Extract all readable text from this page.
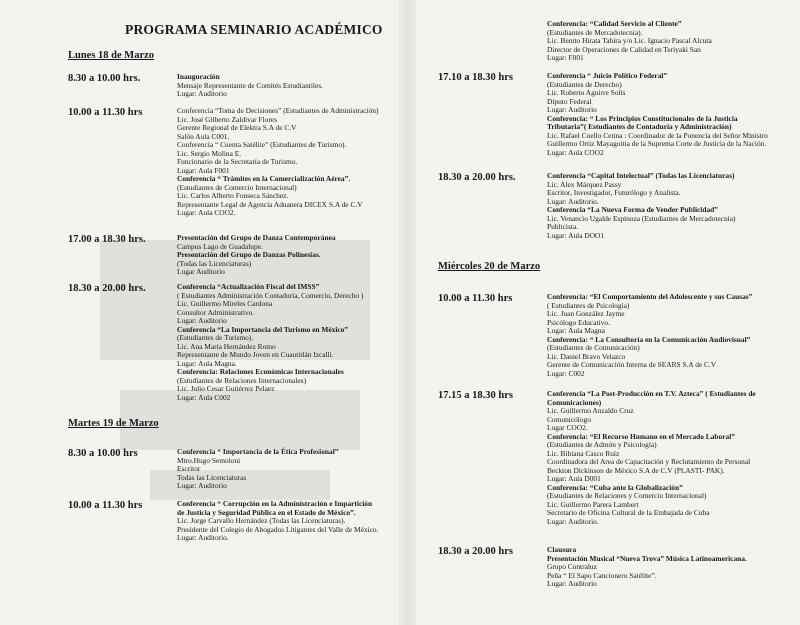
PROGRAMA SEMINARIO ACADÉMICO
Lunes 18 de Marzo
8.30 a 10.00 hrs.	Inauguración
Mensaje Representante de Comités Estudiantiles.
Lugar: Auditorio
10.00 a 11.30 hrs	Conferencia “Toma de Decisiones” (Estudiantes de Administración)
Lic. José Gilberto Zaldivar Flores
Gerente Regional de Elektra S.A de C.V
Salón Aula C001.
Conferencia “ Cuenta Satélite” (Estudiantes de Turismo).
Lic. Sergio Molina E.
Funcionario de la Secretaría de Turismo.
Lugar: Aula F001
Conferencia “ Trámites en la Comercialización Aérea”.
(Estudiantes de Comercio Internacional)
Lic. Carlos Alberto Fonseca Sánchez.
Representante Legal de Agencia Aduanera DICEX S.A de C.V
Lugar: Aula COO2.
17.00 a 18.30 hrs.	Presentación del Grupo de Danza Contemporánea
Campus Lago de Guadalupe.
Presentación del Grupo de Danzas Polinesias.
(Todas las Licenciaturas)
Lugar Auditorio
18.30 a 20.00 hrs.	Conferencia “Actualización Fiscal del IMSS”
( Estudiantes Administración Contaduría, Comercio, Derecho )
Lic. Guillermo Mireles Cardona
Consultor Administrativo.
Lugar: Auditorio
Conferencia “La Importancia del Turismo en México”
(Estudiantes de Turismo).
Lic. Ana María Hernández Romo
Representante de Mundo Joven en Cuautitlán Izcalli.
Lugar: Aula Magna.
Conferencia: Relaciones Económicas Internacionales
(Estudiantes de Relaciones Internacionales)
Lic. Julio Cesar Gutiérrez Pelaez
Lugar: Aula C002
Martes 19 de Marzo
8.30 a 10.00 hrs	Conferencia “ Importancia de la Ética Profesional”
Mtro.Hugo Semoloni
Escritor
Todas las Licenciaturas
Lugar: Auditorio
10.00 a 11.30 hrs	Conferencia “ Corrupción en la Administración e Impartición
de Justicia y Seguridad Pública en el Estado de México”.
Lic. Jorge Carvallo Hernández (Todas las Licenciaturas).
Presidente del Colegio de Abogados Litigantes del Valle de México.
Lugar: Auditorio.
Conferencia: “Calidad Servicio al Cliente”
(Estudiantes de Mercadotecnia).
Lic. Benito Hirata Tahira y/o Lic. Ignacio Pascal Alcuta
Director de Operaciones de Calidad en Teriyaki San
Lugar: F001
17.10 a 18.30 hrs	Conferencia “ Juicio Político Federal”
(Estudiantes de Derecho)
Lic. Roberto Aguirre Solís
Diputo Federal
Lugar: Auditorio
Conferencia: “ Los Principios Constitucionales de la Justicia
Tributaria”( Estudiantes de Contaduría y Administración)
Lic. Rafael Coello Cetina : Coordinador de la Ponencia del Señor Ministro
Guillermo Ortiz Mayagoitia de la Suprema Corte de Justicia de la Nación.
Lugar: Aula COO2
18.30 a 20.00 hrs.	Conferencia “Capital Intelectual” (Todas las Licenciaturas)
Lic. Alex Márquez Passy
Escritor, Investigador, Futurólogo y Analista.
Lugar: Auditorio.
Conferencia “La Nueva Forma de Vender Publicidad”
Lic. Venancio Ugalde Espinoza (Estudiantes de Mercadotecnia)
Publicista.
Lugar: Aula DOO1
Miércoles 20 de Marzo
10.00 a 11.30 hrs	Conferencia: “El Comportamiento del Adolescente y sus Causas”
( Estudiantes de Psicología)
Lic. Juan González Jayme
Psicólogo Educativo.
Lugar: Aula Magna
Conferencia: “ La Consultoría en la Comunicación Audiovisual”
(Estudiantes de Comunicación)
Lic. Daniel Bravo Velazco
Gerente de Comunicación Interna de SEARS S.A de C.V
Lugar: C002
17.15 a 18.30 hrs	Conferencia “La Post-Producción en T.V. Azteca” ( Estudiantes de
Comunicaciones)
Lic. Guillermo Anzaldo Cruz
Comunicólogo
Lugar COO2.
Conferencia: “El Recurso Humano en el Mercado Laboral”
(Estudiantes de Admón y Psicología)
Lic. Bibiana Casco Ruíz
Coordinadora del Area de Capacitación y Reclutamiento de Personal
Beckton Dickinson de México S.A de C.V (PLASTI- PAK).
Lugar: Aula D001
Conferencia: “Cuba ante la Globalización”
(Estudiantes de Relaciones y Comercio Internacional)
Lic. Guillermo Parera Lambert
Secretario de Oficina Cultural de la Embajada de Cuba
Lugar: Auditorio.
18.30 a 20.00 hrs	Clausura
Presentación Musical “Nueva Trova” Música Latinoamericana.
Grupo Contraluz
Peña “ El Sapo Cancionero Satélite”.
Lugar: Auditorio
